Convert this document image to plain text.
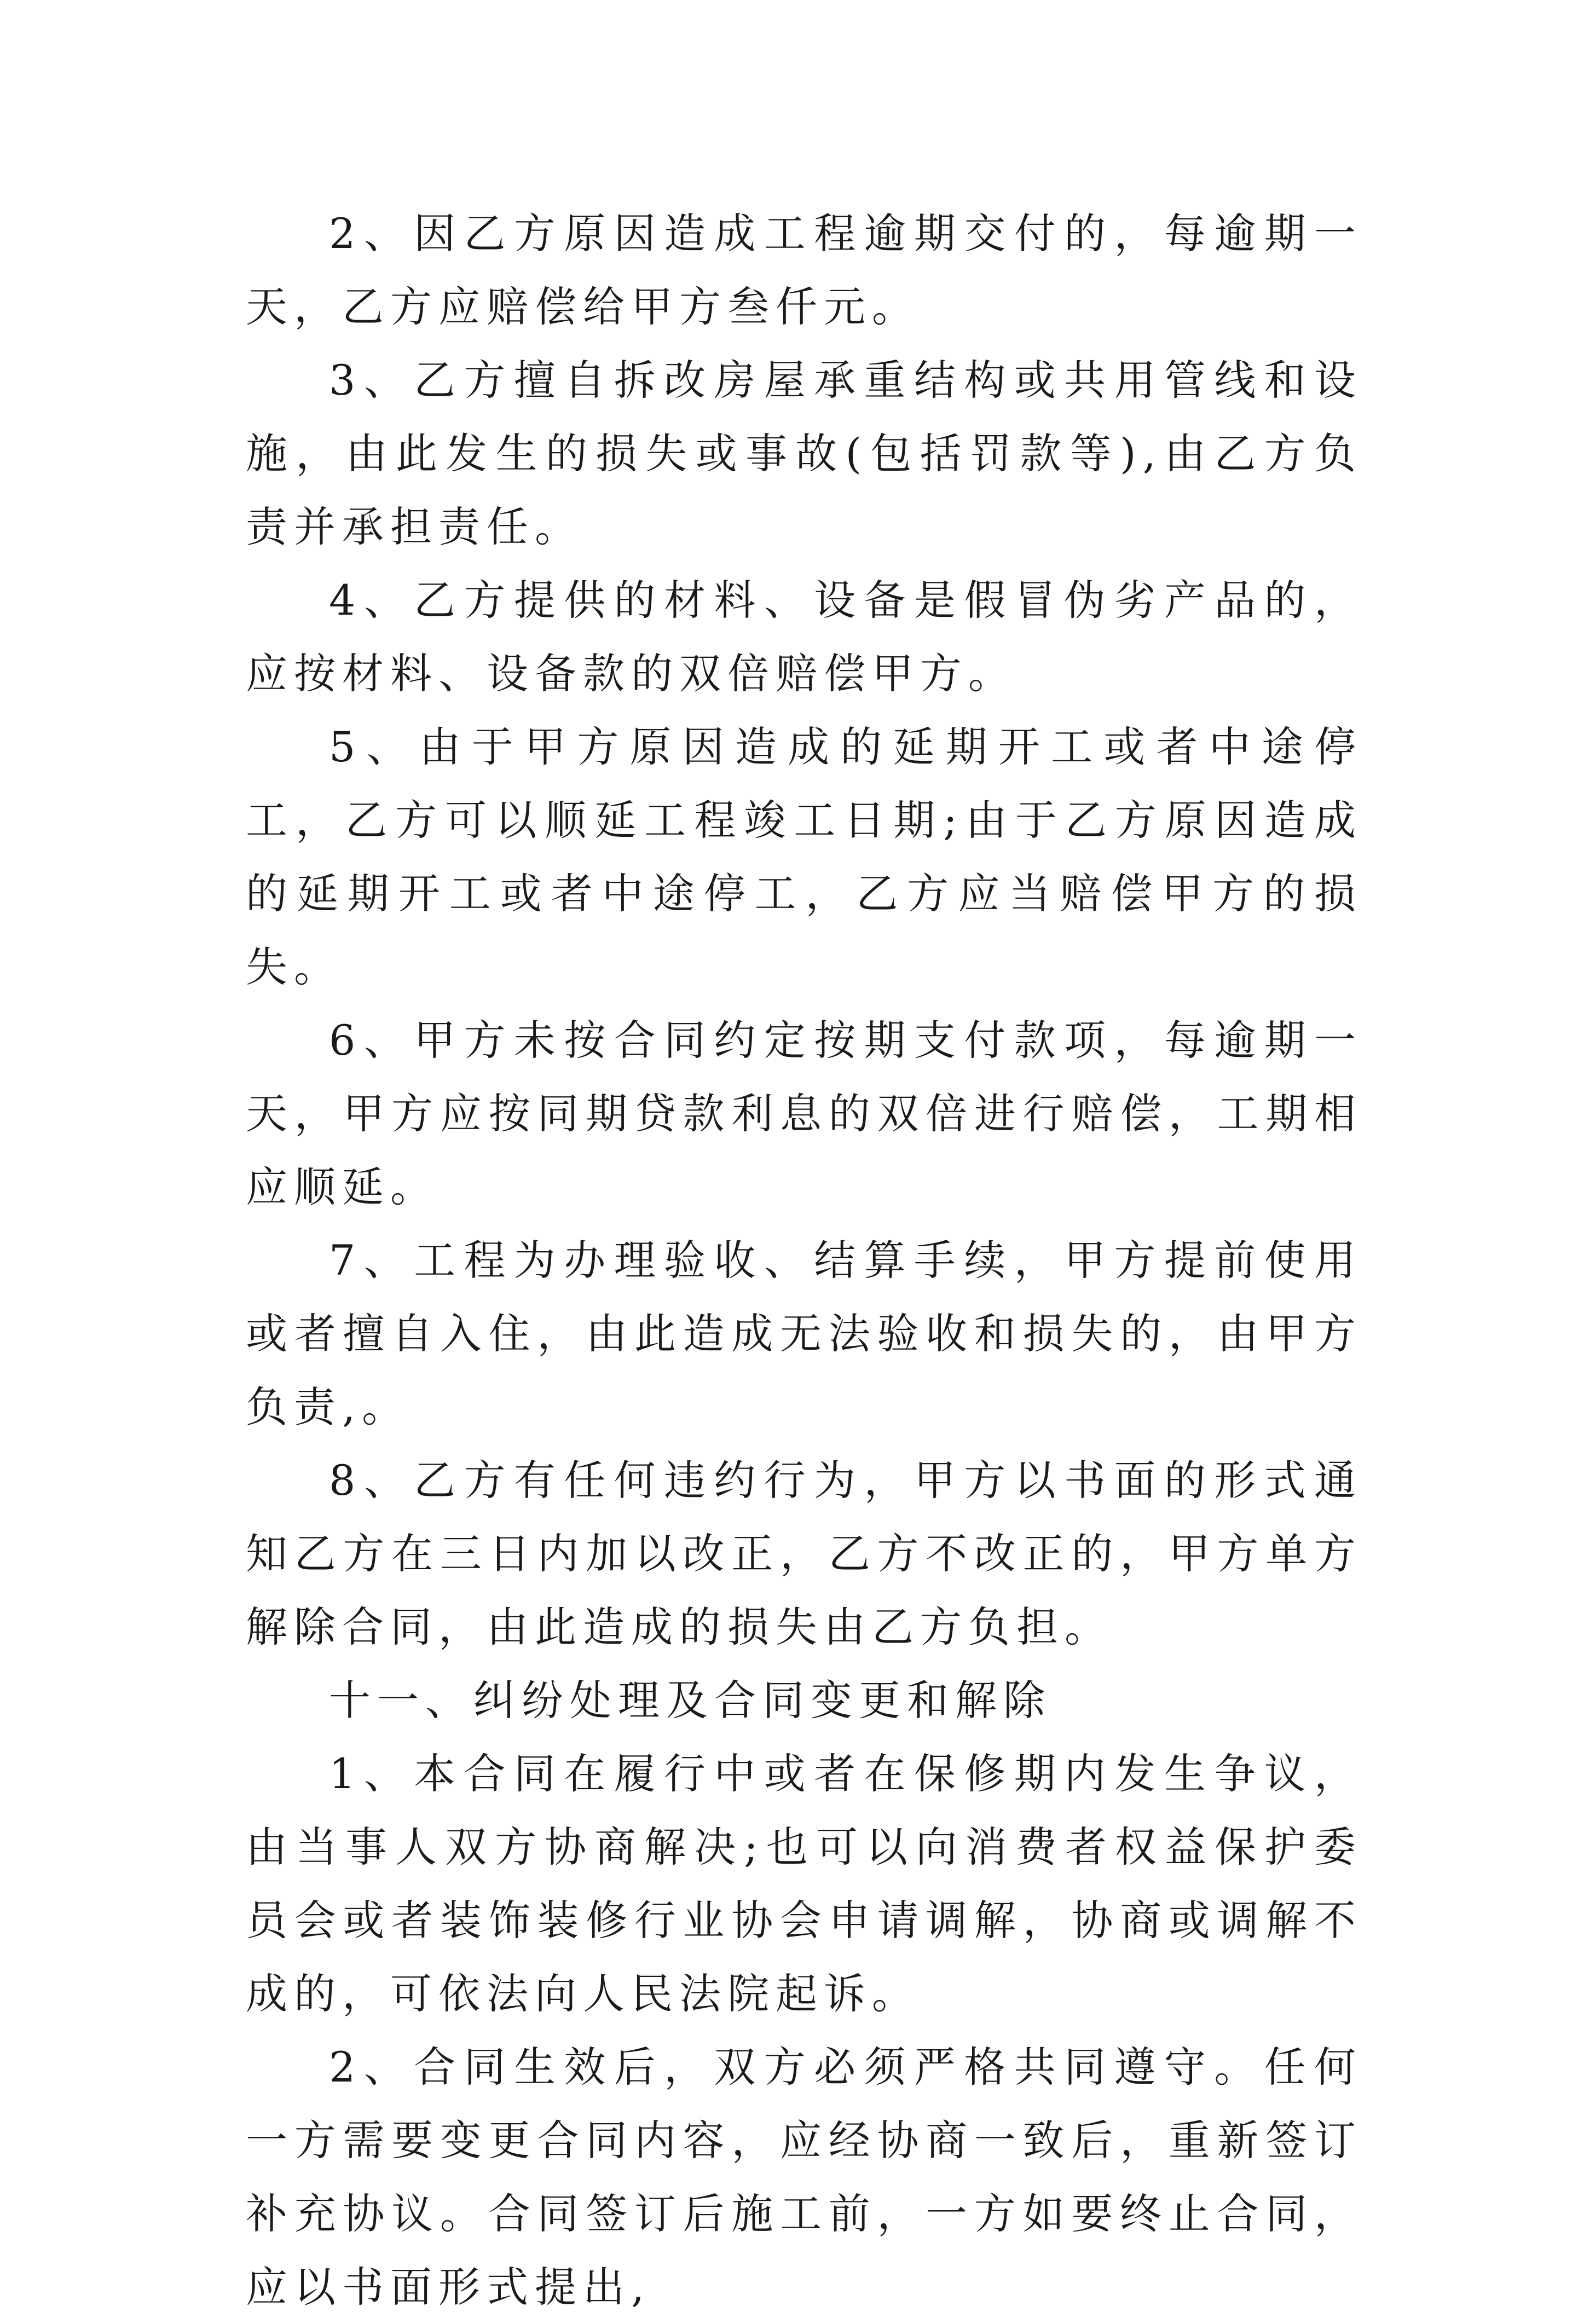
2、因乙方原因造成工程逾期交付的，每逾期一天，乙方应赔偿给甲方叁仟元。

3、乙方擅自拆改房屋承重结构或共用管线和设施，由此发生的损失或事故(包括罚款等),由乙方负责并承担责任。

4、乙方提供的材料、设备是假冒伪劣产品的，应按材料、设备款的双倍赔偿甲方。

5、由于甲方原因造成的延期开工或者中途停工，乙方可以顺延工程竣工日期;由于乙方原因造成的延期开工或者中途停工，乙方应当赔偿甲方的损失。

6、甲方未按合同约定按期支付款项，每逾期一天，甲方应按同期贷款利息的双倍进行赔偿，工期相应顺延。

7、工程为办理验收、结算手续，甲方提前使用或者擅自入住，由此造成无法验收和损失的，由甲方负责,。

8、乙方有任何违约行为，甲方以书面的形式通知乙方在三日内加以改正，乙方不改正的，甲方单方解除合同，由此造成的损失由乙方负担。

十一、纠纷处理及合同变更和解除

1、本合同在履行中或者在保修期内发生争议，由当事人双方协商解决;也可以向消费者权益保护委员会或者装饰装修行业协会申请调解，协商或调解不成的，可依法向人民法院起诉。

2、合同生效后，双方必须严格共同遵守。任何一方需要变更合同内容，应经协商一致后，重新签订补充协议。合同签订后施工前，一方如要终止合同，应以书面形式提出,
